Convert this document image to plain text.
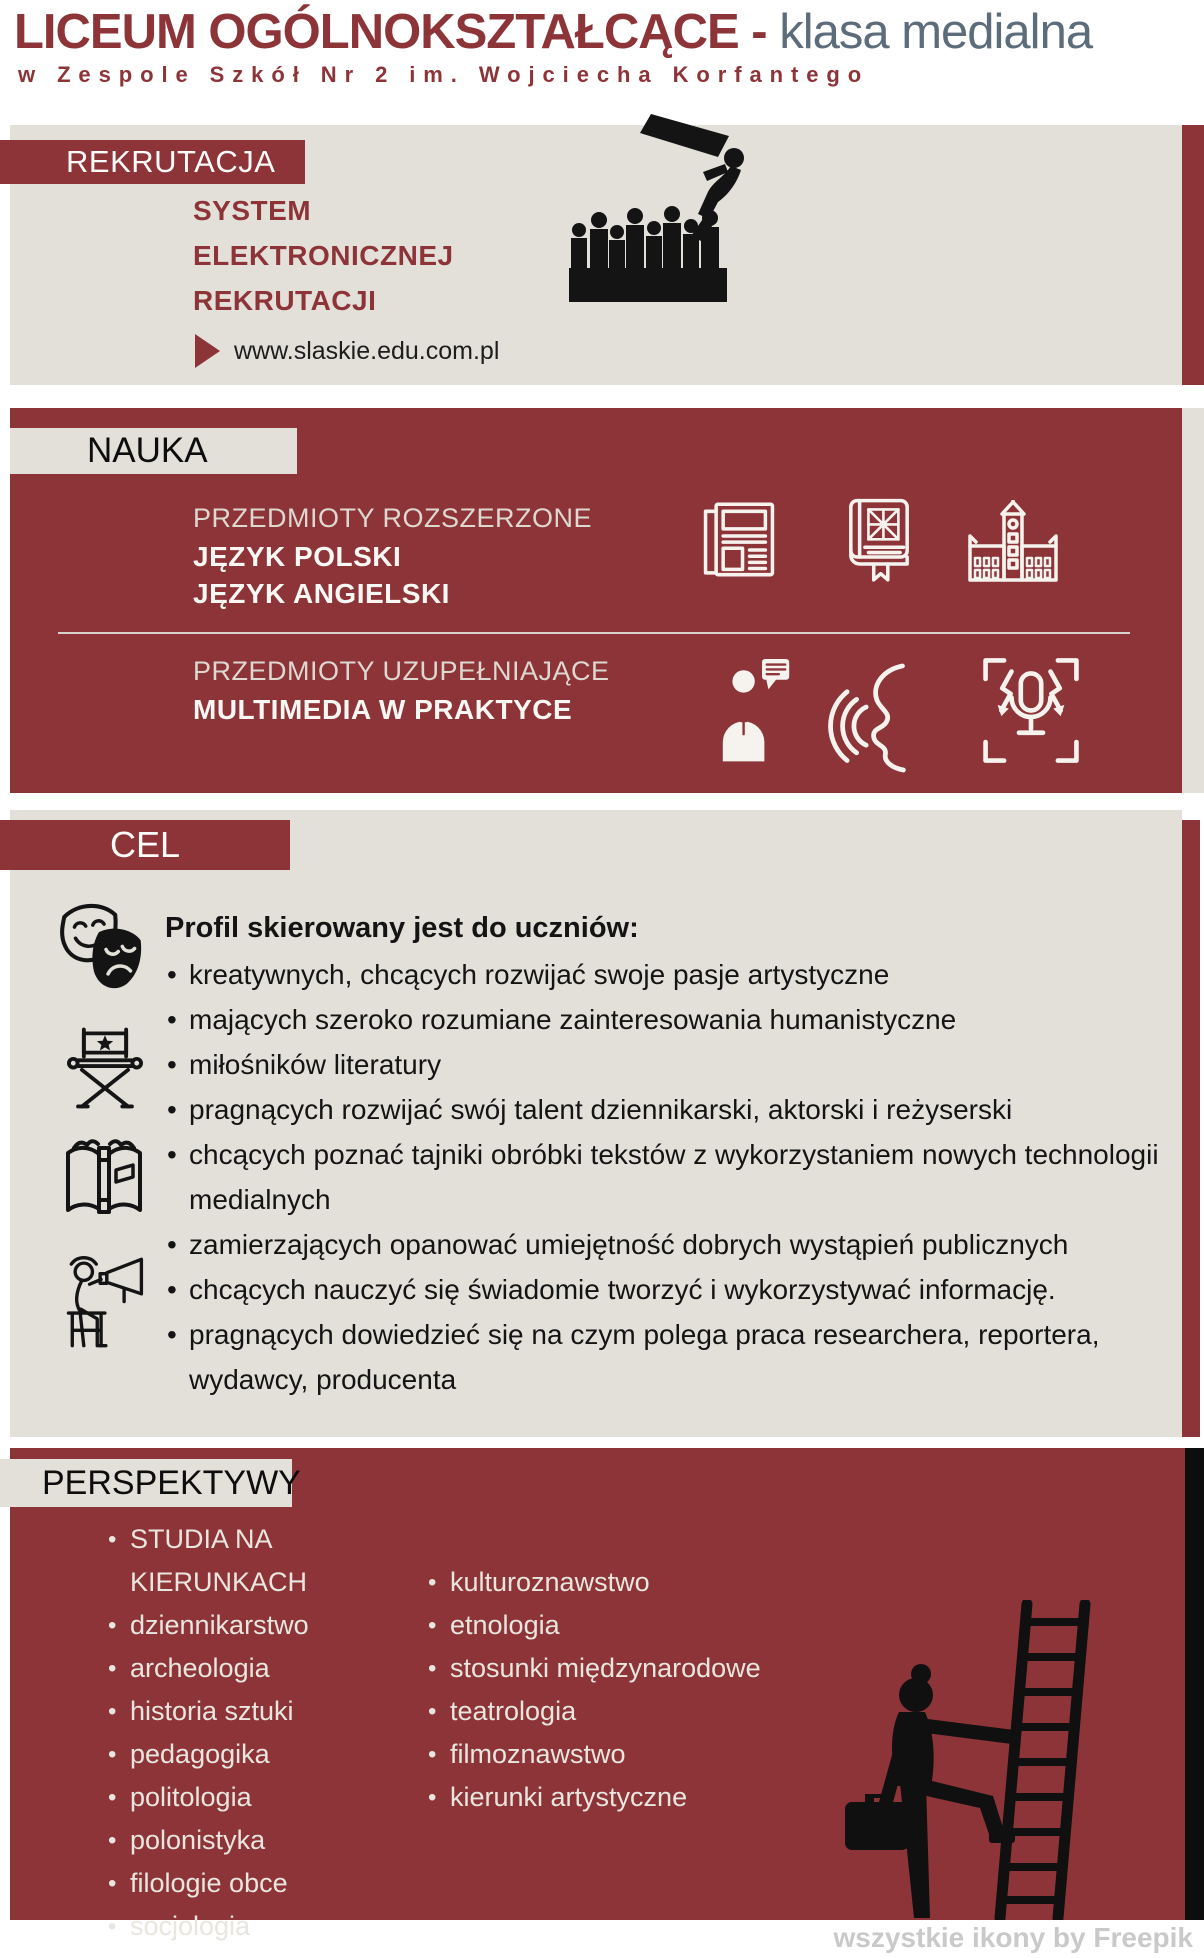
LICEUM OGÓLNOKSZTAŁCĄCE - klasa medialna
w Zespole Szkół Nr 2 im. Wojciecha Korfantego
REKRUTACJA
SYSTEM
ELEKTRONICZNEJ
REKRUTACJI
www.slaskie.edu.com.pl
NAUKA
PRZEDMIOTY ROZSZERZONE
JĘZYK POLSKI
JĘZYK ANGIELSKI
PRZEDMIOTY UZUPEŁNIAJĄCE
MULTIMEDIA W PRAKTYCE
CEL
Profil skierowany jest do uczniów:
• kreatywnych, chcących rozwijać swoje pasje artystyczne
• mających szeroko rozumiane zainteresowania humanistyczne
• miłośników literatury
• pragnących rozwijać swój talent dziennikarski, aktorski i reżyserski
• chcących poznać tajniki obróbki tekstów z wykorzystaniem nowych technologii medialnych
• zamierzających opanować umiejętność dobrych wystąpień publicznych
• chcących nauczyć się świadomie tworzyć i wykorzystywać informację.
• pragnących dowiedzieć się na czym polega praca researchera, reportera, wydawcy, producenta
PERSPEKTYWY
• STUDIA NA KIERUNKACH
• dziennikarstwo
• archeologia
• historia sztuki
• pedagogika
• politologia
• polonistyka
• filologie obce
• socjologia
• kulturoznawstwo
• etnologia
• stosunki międzynarodowe
• teatrologia
• filmoznawstwo
• kierunki artystyczne
wszystkie ikony by Freepik
